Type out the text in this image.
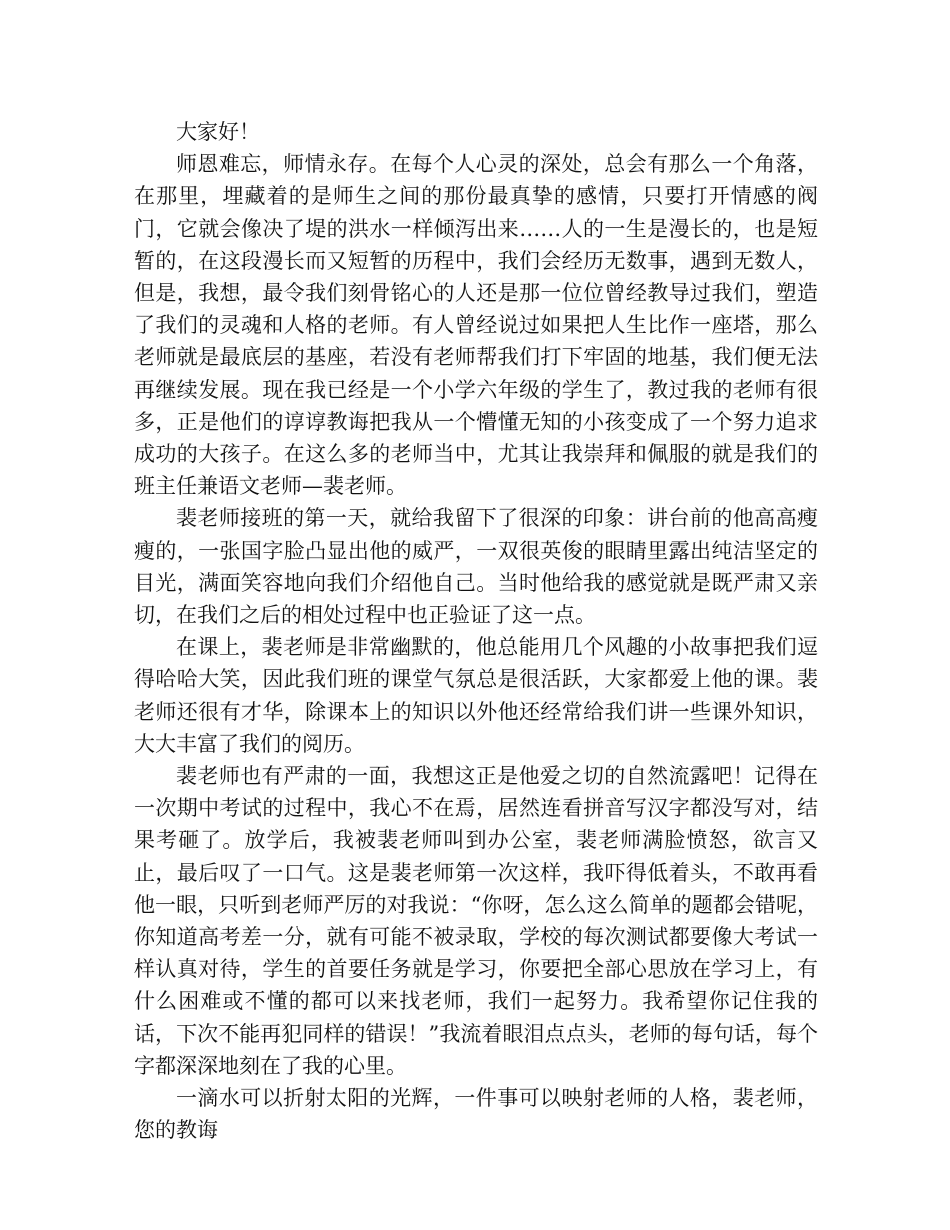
大家好！

师恩难忘，师情永存。在每个人心灵的深处，总会有那么一个角落，在那里，埋藏着的是师生之间的那份最真挚的感情，只要打开情感的阀门，它就会像决了堤的洪水一样倾泻出来……人的一生是漫长的，也是短暂的，在这段漫长而又短暂的历程中，我们会经历无数事，遇到无数人，但是，我想，最令我们刻骨铭心的人还是那一位位曾经教导过我们，塑造了我们的灵魂和人格的老师。有人曾经说过如果把人生比作一座塔，那么老师就是最底层的基座，若没有老师帮我们打下牢固的地基，我们便无法再继续发展。现在我已经是一个小学六年级的学生了，教过我的老师有很多，正是他们的谆谆教诲把我从一个懵懂无知的小孩变成了一个努力追求成功的大孩子。在这么多的老师当中，尤其让我崇拜和佩服的就是我们的班主任兼语文老师—裴老师。

裴老师接班的第一天，就给我留下了很深的印象：讲台前的他高高瘦瘦的，一张国字脸凸显出他的威严，一双很英俊的眼睛里露出纯洁坚定的目光，满面笑容地向我们介绍他自己。当时他给我的感觉就是既严肃又亲切，在我们之后的相处过程中也正验证了这一点。

在课上，裴老师是非常幽默的，他总能用几个风趣的小故事把我们逗得哈哈大笑，因此我们班的课堂气氛总是很活跃，大家都爱上他的课。裴老师还很有才华，除课本上的知识以外他还经常给我们讲一些课外知识，大大丰富了我们的阅历。

裴老师也有严肃的一面，我想这正是他爱之切的自然流露吧！记得在一次期中考试的过程中，我心不在焉，居然连看拼音写汉字都没写对，结果考砸了。放学后，我被裴老师叫到办公室，裴老师满脸愤怒，欲言又止，最后叹了一口气。这是裴老师第一次这样，我吓得低着头，不敢再看他一眼，只听到老师严厉的对我说：“你呀，怎么这么简单的题都会错呢，你知道高考差一分，就有可能不被录取，学校的每次测试都要像大考试一样认真对待，学生的首要任务就是学习，你要把全部心思放在学习上，有什么困难或不懂的都可以来找老师，我们一起努力。我希望你记住我的话，下次不能再犯同样的错误！”我流着眼泪点点头，老师的每句话，每个字都深深地刻在了我的心里。

一滴水可以折射太阳的光辉，一件事可以映射老师的人格，裴老师，您的教诲
